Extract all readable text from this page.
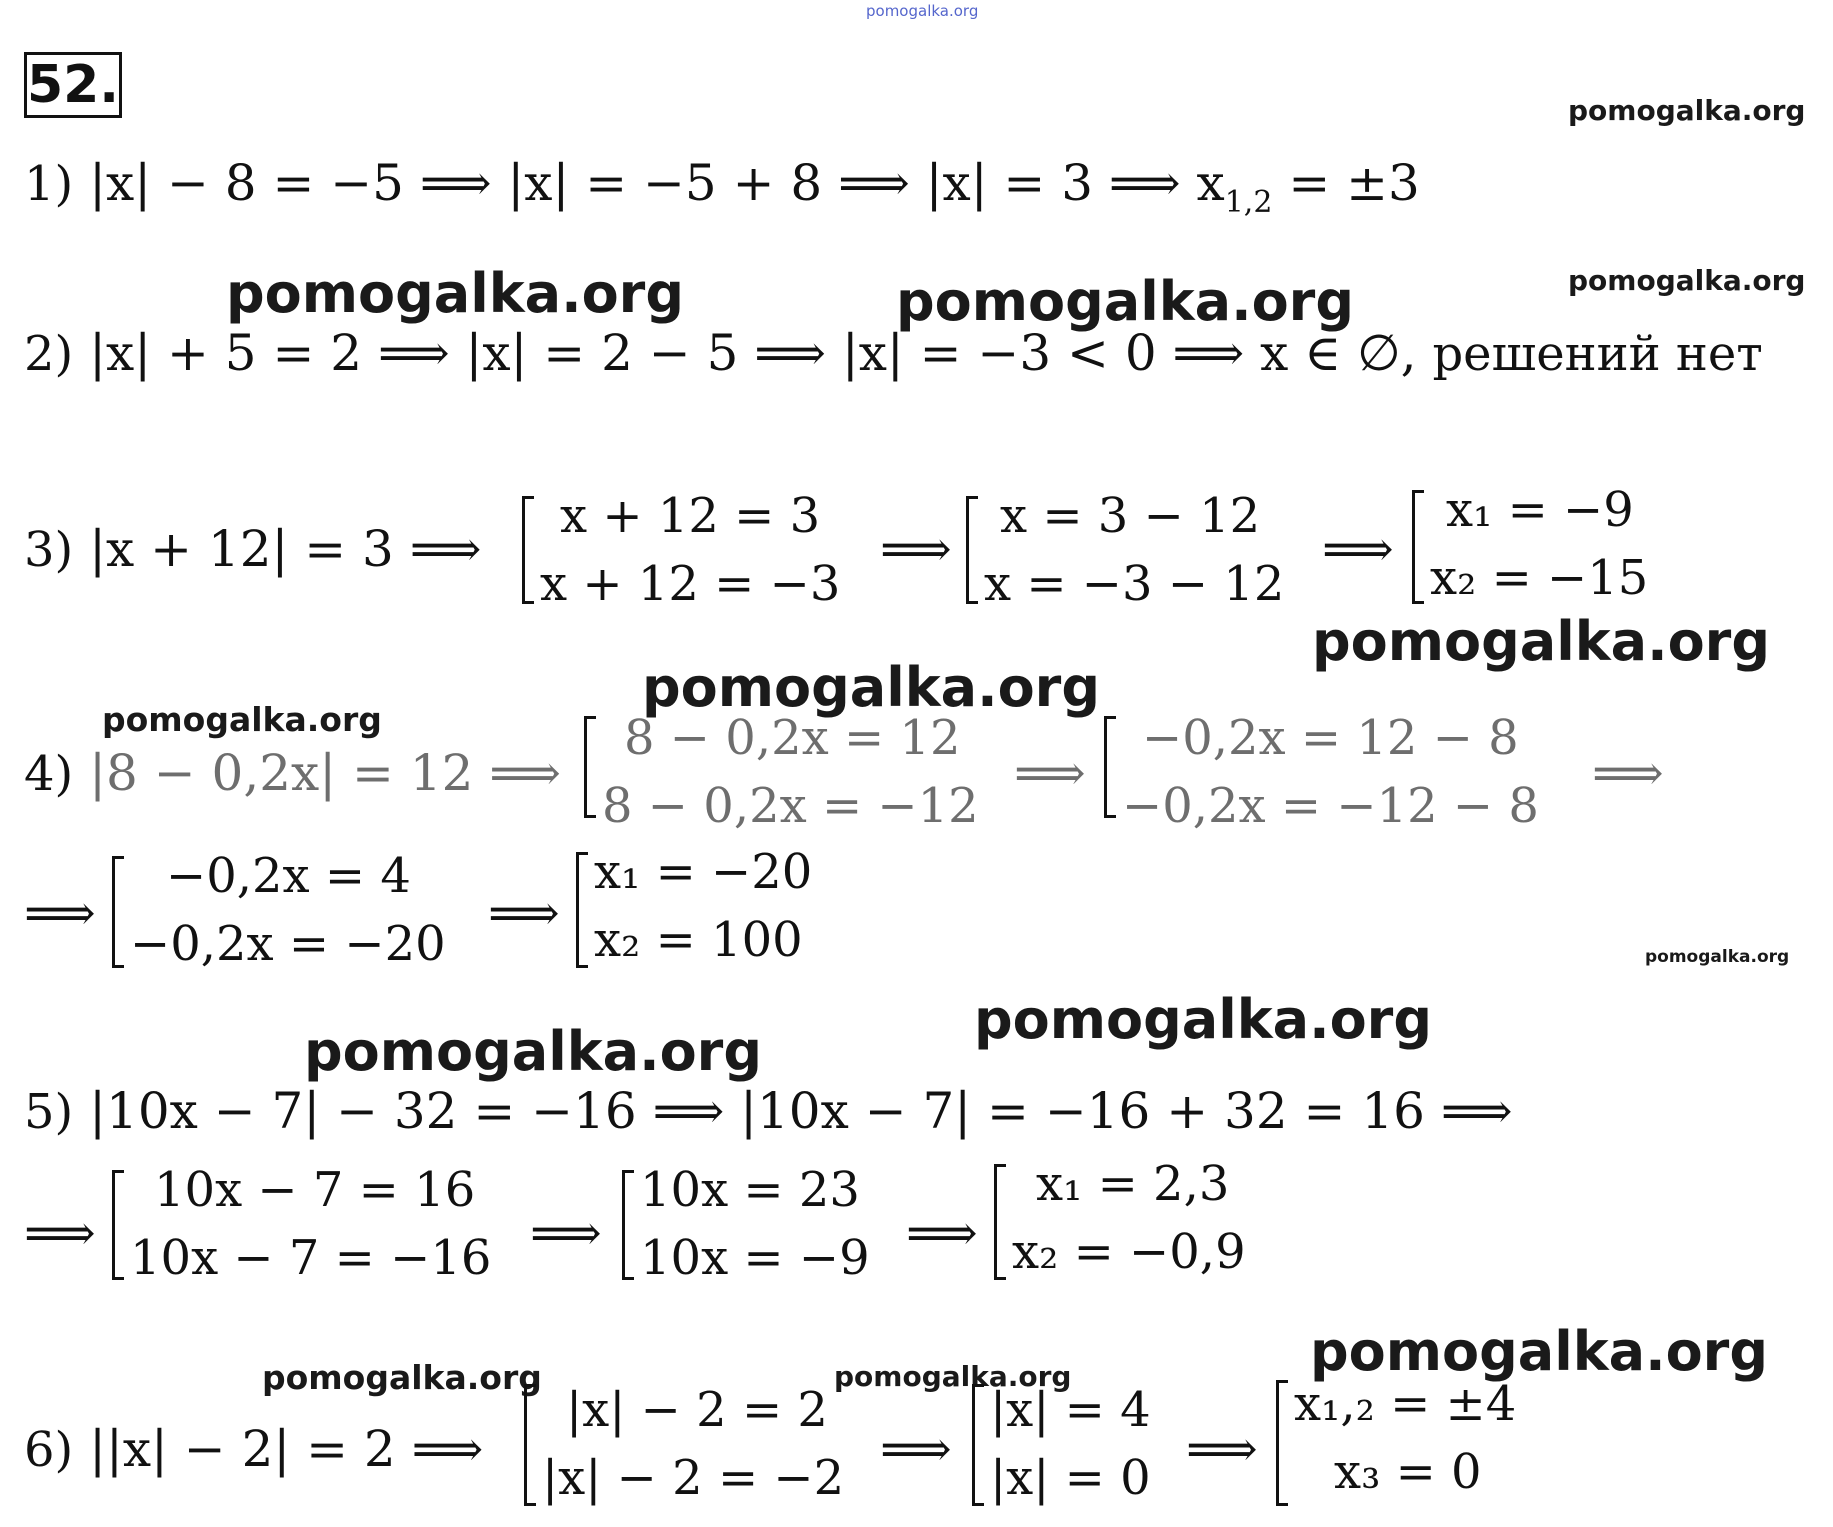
pomogalka.org
52.	pomogalka.org
pomogalka.org
pomogalka.org	pomogalka.org
pomogalka.org
pomogalka.org
pomogalka.org
pomogalka.org
pomogalka.org
pomogalka.org
pomogalka.org
pomogalka.org	pomogalka.org
1) |x| − 8 = −5 ⟹ |x| = −5 + 8 ⟹ |x| = 3 ⟹ $x_{1,2} = \pm 3$
2) |x| + 5 = 2 ⟹ |x| = 2 − 5 ⟹ |x| = −3 < 0 ⟹ x ∈ ∅, решений нет
3) |x + 12| = 3 ⟹
x + 12 = 3
x + 12 = −3
⟹
x = 3 − 12
x = −3 − 12
⟹
x₁ = −9
x₂ = −15
4) |8 − 0,2x| = 12 ⟹
8 − 0,2x = 12
8 − 0,2x = −12
⟹
−0,2x = 12 − 8
−0,2x = −12 − 8
⟹
⟹
−0,2x = 4
−0,2x = −20
⟹
x₁ = −20
x₂ = 100
5) |10x − 7| − 32 = −16 ⟹ |10x − 7| = −16 + 32 = 16 ⟹
⟹
10x − 7 = 16
10x − 7 = −16 ⟹
10x = 23
10x = −9 ⟹
x₁ = 2,3
x₂ = −0,9
6) ||x| − 2| = 2 ⟹
|x| − 2 = 2
|x| − 2 = −2 ⟹
|x| = 4
|x| = 0 ⟹
x₁,₂ = ±4
x₃ = 0
